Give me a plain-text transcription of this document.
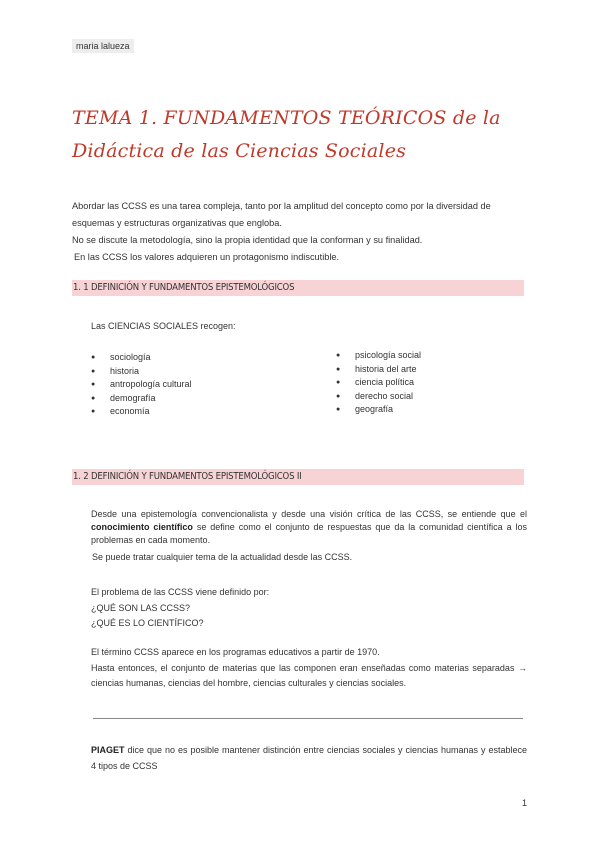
maria lalueza
TEMA 1. FUNDAMENTOS TEÓRICOS de la Didáctica de las Ciencias Sociales

Abordar las CCSS es una tarea compleja, tanto por la amplitud del concepto como por la diversidad de esquemas y estructuras organizativas que engloba.

No se discute la metodología, sino la propia identidad que la conforman y su finalidad.

En las CCSS los valores adquieren un protagonismo indiscutible.

1. 1 DEFINICIÓN Y FUNDAMENTOS EPISTEMOLÓGICOS
Las CIENCIAS SOCIALES recogen:
● sociología
● historia
● antropología cultural
● demografía
● economía
● psicología social
● historia del arte
● ciencia política
● derecho social
● geografía
1. 2 DEFINICIÓN Y FUNDAMENTOS EPISTEMOLÓGICOS II
Desde una epistemología convencionalista y desde una visión crítica de las CCSS, se entiende que el conocimiento científico se define como el conjunto de respuestas que da la comunidad científica a los problemas en cada momento.
Se puede tratar cualquier tema de la actualidad desde las CCSS.

El problema de las CCSS viene definido por:

¿QUÉ SON LAS CCSS?

¿QUÉ ES LO CIENTÍFICO?

El término CCSS aparece en los programas educativos a partir de 1970.

Hasta entonces, el conjunto de materias que las componen eran enseñadas como materias separadas → ciencias humanas, ciencias del hombre, ciencias culturales y ciencias sociales.

PIAGET dice que no es posible mantener distinción entre ciencias sociales y ciencias humanas y establece 4 tipos de CCSS
1
